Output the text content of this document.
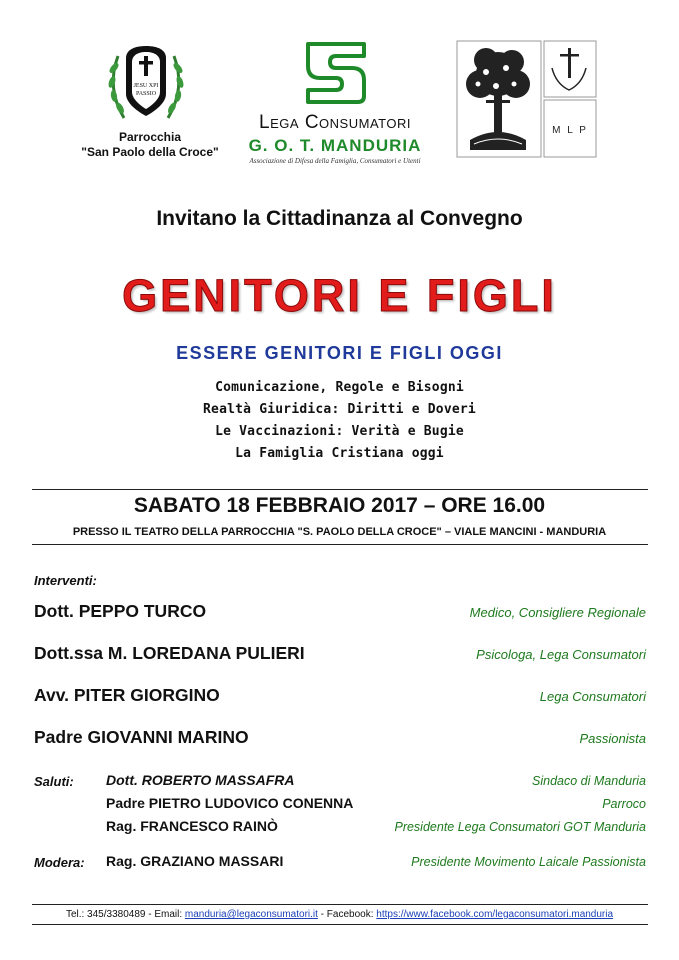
JESU XPI
PASSIO
Parrocchia
"San Paolo della Croce"
Lega Consumatori
G. O. T. MANDURIA
Associazione di Difesa della Famiglia, Consumatori e Utenti
M L P
Invitano la Cittadinanza al Convegno
GENITORI E FIGLI
ESSERE GENITORI E FIGLI OGGI
Comunicazione, Regole e Bisogni
Realtà Giuridica: Diritti e Doveri
Le Vaccinazioni: Verità e Bugie
La Famiglia Cristiana oggi
SABATO 18 FEBBRAIO 2017 – ORE 16.00
PRESSO IL TEATRO DELLA PARROCCHIA "S. PAOLO DELLA CROCE" – VIALE MANCINI - MANDURIA
Interventi:
Dott. PEPPO TURCO	Medico, Consigliere Regionale
Dott.ssa M. LOREDANA PULIERI	Psicologa, Lega Consumatori
Avv. PITER GIORGINO	Lega Consumatori
Padre GIOVANNI MARINO	Passionista
Saluti: Dott. ROBERTO MASSAFRA	Sindaco di Manduria
Padre PIETRO LUDOVICO CONENNA	Parroco
Rag. FRANCESCO RAINÒ	Presidente Lega Consumatori GOT Manduria
Modera: Rag. GRAZIANO MASSARI	Presidente Movimento Laicale Passionista
Tel.: 345/3380489 - Email: manduria@legaconsumatori.it - Facebook: https://www.facebook.com/legaconsumatori.manduria
